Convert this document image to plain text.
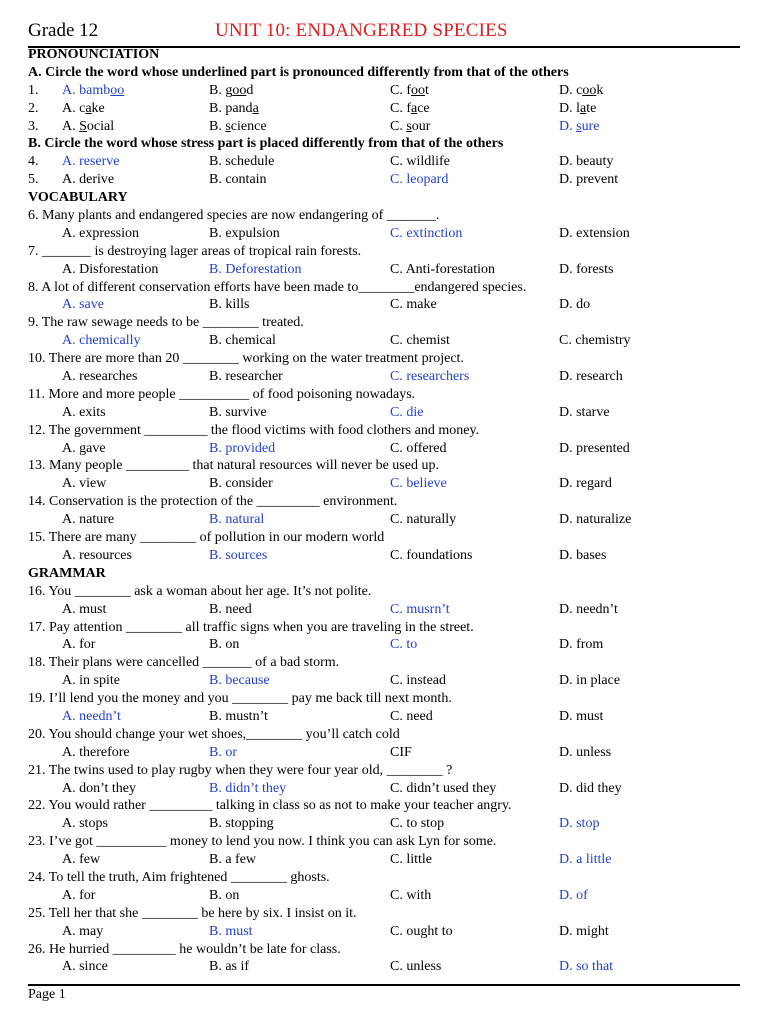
Grade 12	UNIT 10: ENDANGERED SPECIES
PRONOUNCIATION
A. Circle the word whose underlined part is pronounced differently from that of the others
1. A. bamboo	B. good	C. foot	D. cook
2. A. cake	B. panda	C. face	D. late
3. A. Social	B. science	C. sour	D. sure
B. Circle the word whose stress part is placed differently from that of the others
4. A. reserve	B. schedule	C. wildlife	D. beauty
5. A. derive	B. contain	C. leopard	D. prevent
VOCABULARY
6. Many plants and endangered species are now endangering of _______.
A. expression	B. expulsion	C. extinction	D. extension
7. _______ is destroying lager areas of tropical rain forests.
A. Disforestation	B. Deforestation	C. Anti-forestation	D. forests
8. A lot of different conservation efforts have been made to________endangered species.
A. save	B. kills	C. make	D. do
9. The raw sewage needs to be ________ treated.
A. chemically	B. chemical	C. chemist	C. chemistry
10. There are more than 20 ________ working on the water treatment project.
A. researches	B. researcher	C. researchers	D. research
11. More and more people __________ of food poisoning nowadays.
A. exits	B. survive	C. die	D. starve
12. The government _________ the flood victims with food clothers and money.
A. gave	B. provided	C. offered	D. presented
13. Many people _________ that natural resources will never be used up.
A. view	B. consider	C. believe	D. regard
14. Conservation is the protection of the _________ environment.
A. nature	B. natural	C. naturally	D. naturalize
15. There are many ________ of pollution in our modern world
A. resources	B. sources	C. foundations	D. bases
GRAMMAR
16. You ________ ask a woman about her age. It’s not polite.
A. must	B. need	C. musrn’t	D. needn’t
17. Pay attention ________ all traffic signs when you are traveling in the street.
A. for	B. on	C. to	D. from
18. Their plans were cancelled _______ of a bad storm.
A. in spite	B. because	C. instead	D. in place
19. I’ll lend you the money and you ________ pay me back till next month.
A. needn’t	B. mustn’t	C. need	D. must
20. You should change your wet shoes,________ you’ll catch cold
A. therefore	B. or	CIF	D. unless
21. The twins used to play rugby when they were four year old, ________ ?
A. don’t they	B. didn’t they	C. didn’t used they	D. did they
22. You would rather _________ talking in class so as not to make your teacher angry.
A. stops	B. stopping	C. to stop	D. stop
23. I’ve got __________ money to lend you now. I think you can ask Lyn for some.
A. few	B. a few	C. little	D. a little
24. To tell the truth, Aim frightened ________ ghosts.
A. for	B. on	C. with	D. of
25. Tell her that she ________ be here by six. I insist on it.
A. may	B. must	C. ought to	D. might
26. He hurried _________ he wouldn’t be late for class.
A. since	B. as if	C. unless	D. so that
Page 1
